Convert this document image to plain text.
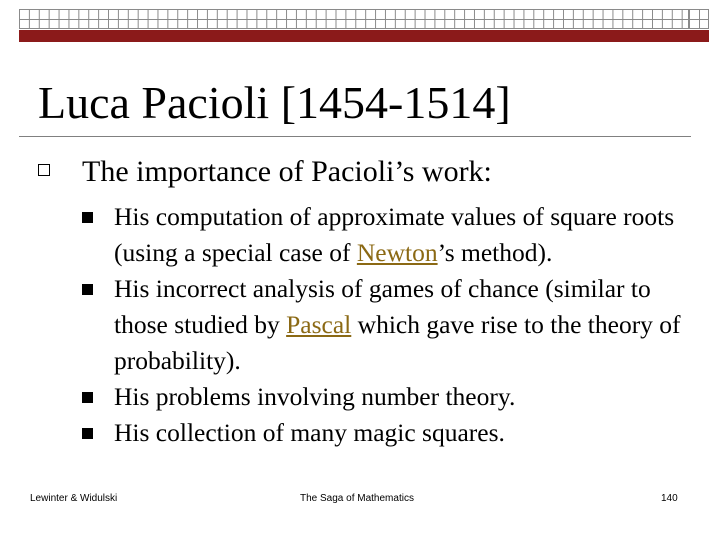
Luca Pacioli [1454-1514]
The importance of Pacioli’s work:
His computation of approximate values of square roots (using a special case of Newton’s method).
His incorrect analysis of games of chance (similar to those studied by Pascal which gave rise to the theory of probability).
His problems involving number theory.
His collection of many magic squares.
Lewinter & Widulski	The Saga of Mathematics	140
